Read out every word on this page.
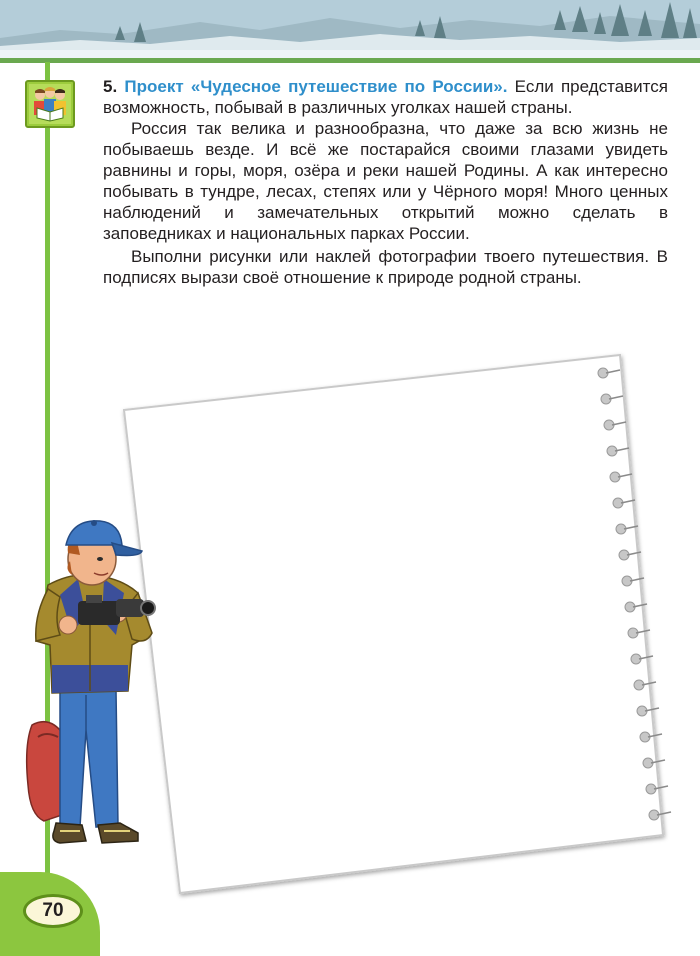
5. Проект «Чудесное путешествие по России». Если представится возможность, побывай в различных уголках нашей страны.

Россия так велика и разнообразна, что даже за всю жизнь не побываешь везде. И всё же постарайся своими глазами увидеть равнины и горы, моря, озёра и реки нашей Родины. А как интересно побывать в тундре, лесах, степях или у Чёрного моря! Много ценных наблюдений и замечательных открытий можно сделать в заповедниках и национальных парках России.

Выполни рисунки или наклей фотографии твоего путешествия. В подписях вырази своё отношение к природе родной страны.

70
